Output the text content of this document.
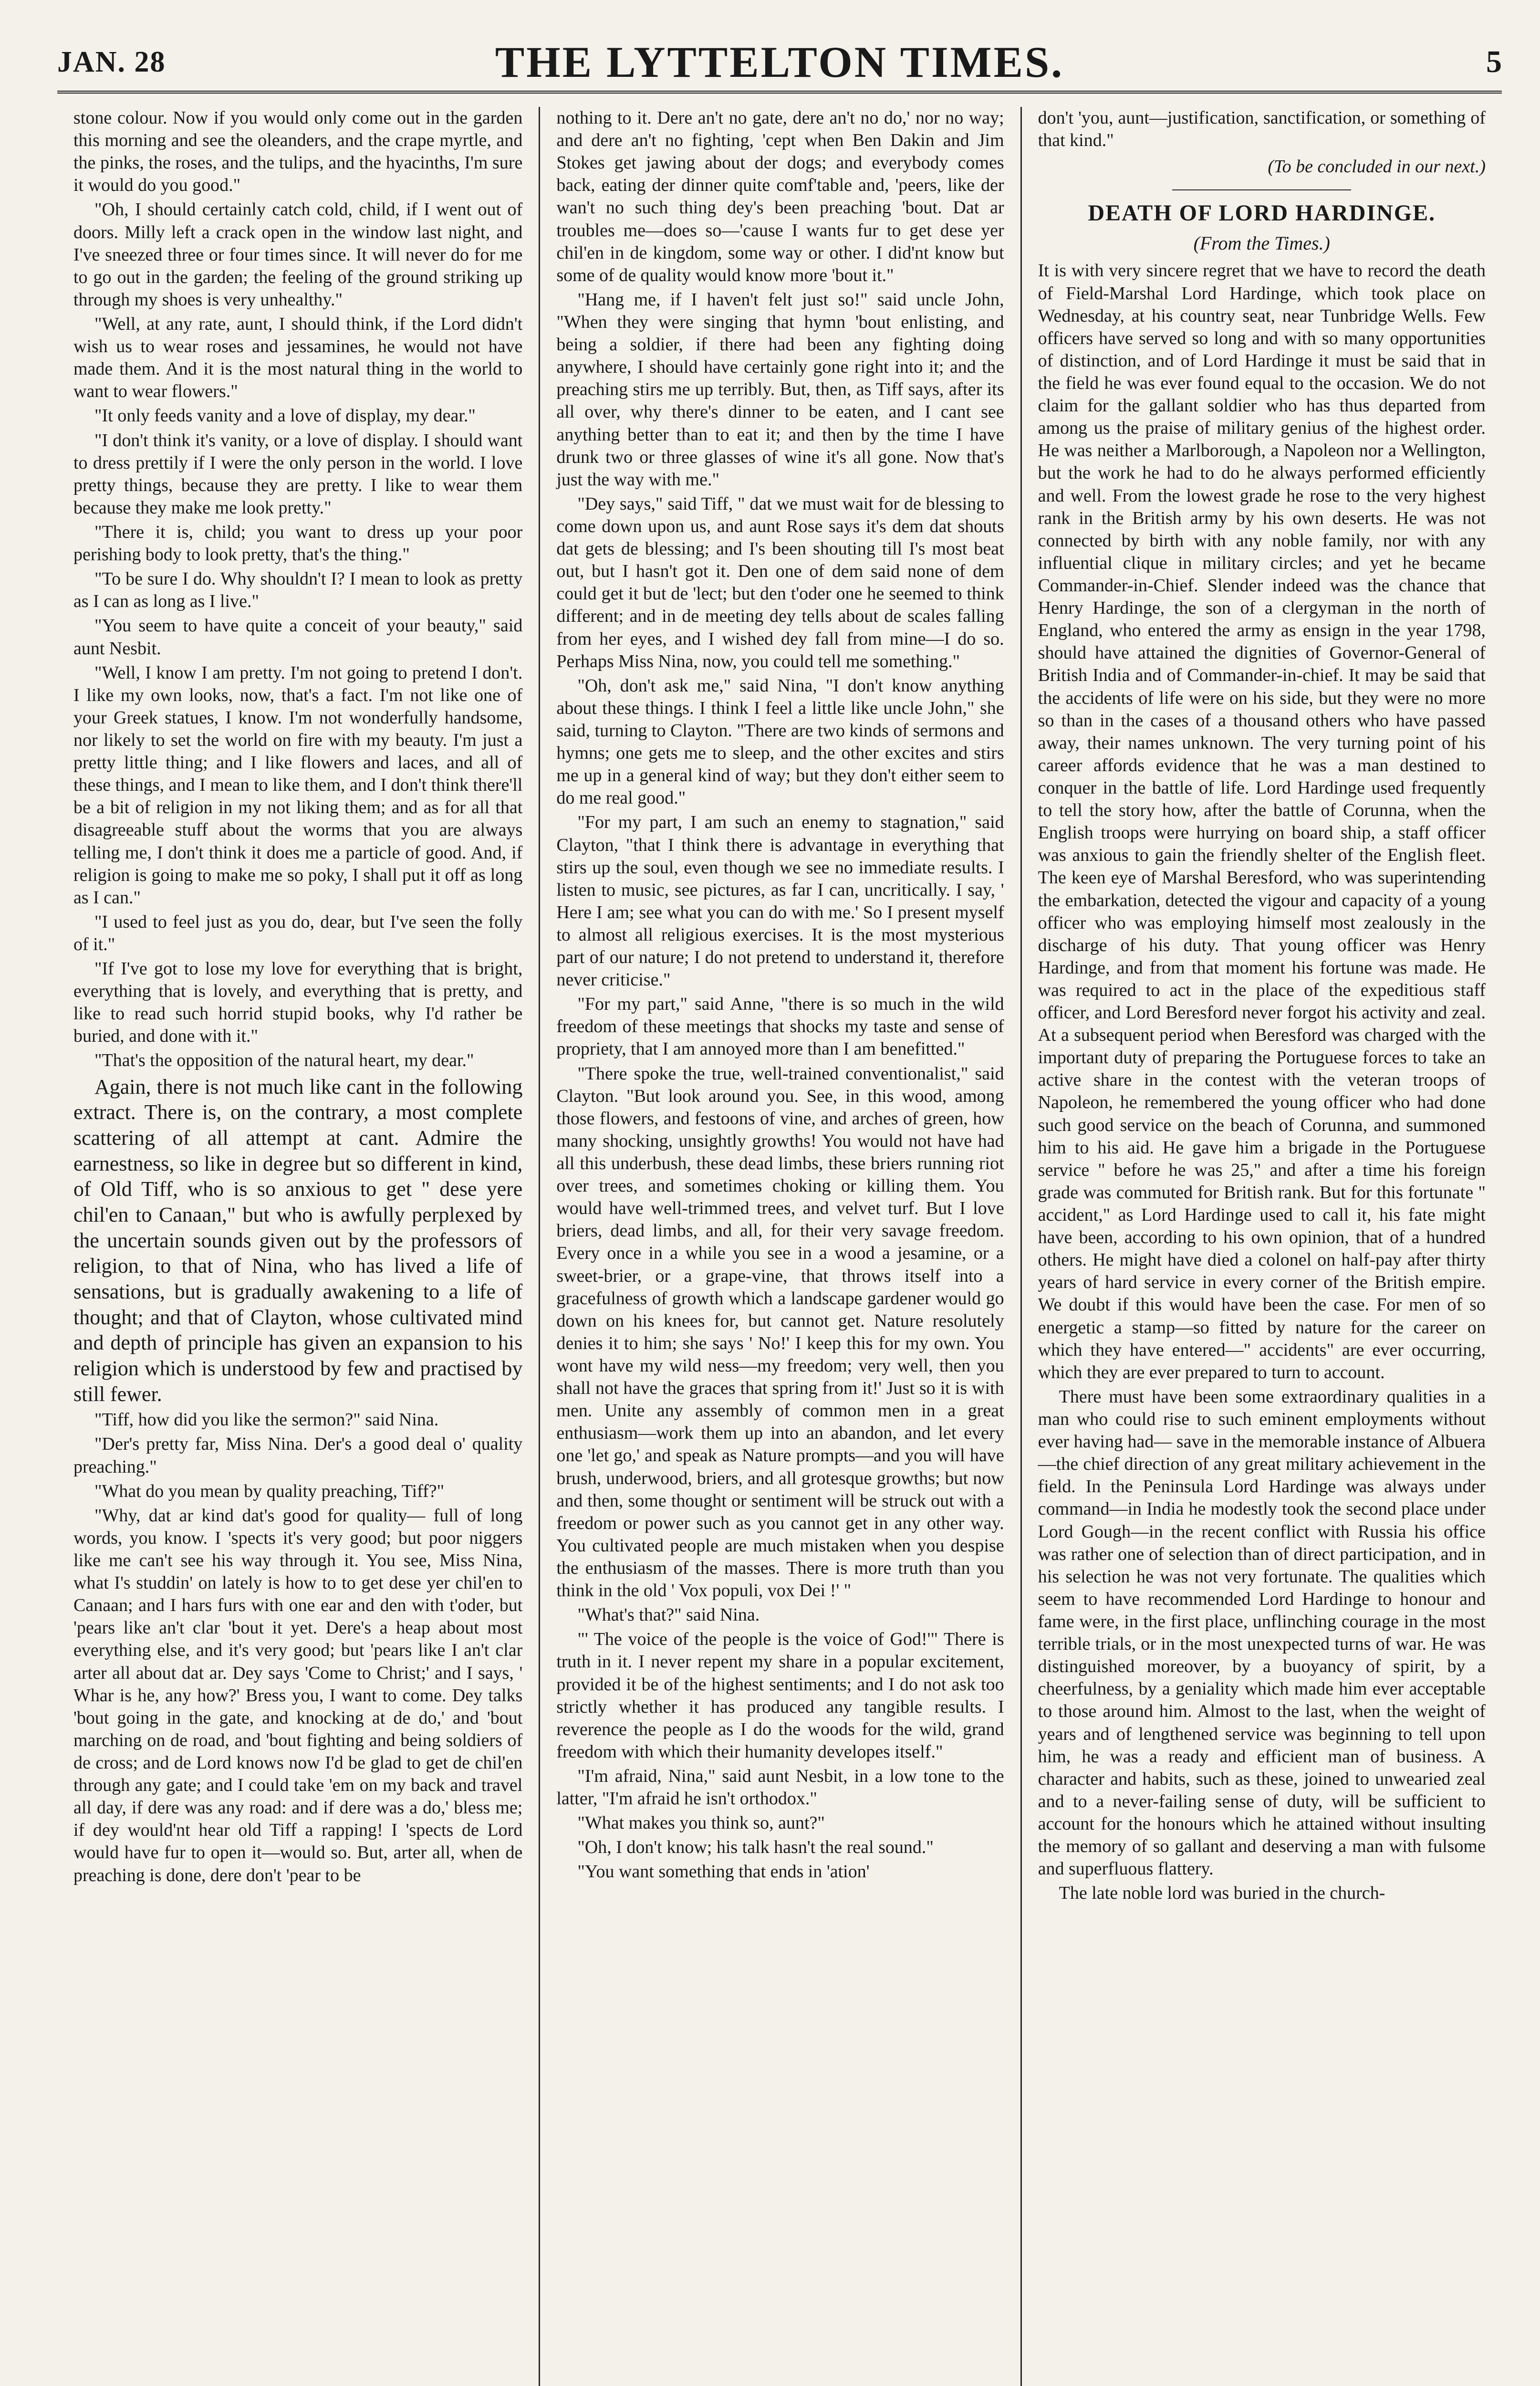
JAN. 28	THE LYTTELTON TIMES.	5

stone colour. Now if you would only come out in the garden this morning and see the oleanders, and the crape myrtle, and the pinks, the roses, and the tulips, and the hyacinths, I'm sure it would do you good."

"Oh, I should certainly catch cold, child, if I went out of doors. Milly left a crack open in the window last night, and I've sneezed three or four times since. It will never do for me to go out in the garden; the feeling of the ground striking up through my shoes is very unhealthy."

"Well, at any rate, aunt, I should think, if the Lord didn't wish us to wear roses and jessamines, he would not have made them. And it is the most natural thing in the world to want to wear flowers."

"It only feeds vanity and a love of display, my dear."

"I don't think it's vanity, or a love of display. I should want to dress prettily if I were the only person in the world. I love pretty things, because they are pretty. I like to wear them because they make me look pretty."

"There it is, child; you want to dress up your poor perishing body to look pretty, that's the thing."

"To be sure I do. Why shouldn't I? I mean to look as pretty as I can as long as I live."

"You seem to have quite a conceit of your beauty," said aunt Nesbit.

"Well, I know I am pretty. I'm not going to pretend I don't. I like my own looks, now, that's a fact. I'm not like one of your Greek statues, I know. I'm not wonderfully handsome, nor likely to set the world on fire with my beauty. I'm just a pretty little thing; and I like flowers and laces, and all of these things, and I mean to like them, and I don't think there'll be a bit of religion in my not liking them; and as for all that disagreeable stuff about the worms that you are always telling me, I don't think it does me a particle of good. And, if religion is going to make me so poky, I shall put it off as long as I can."

"I used to feel just as you do, dear, but I've seen the folly of it."

"If I've got to lose my love for everything that is bright, everything that is lovely, and everything that is pretty, and like to read such horrid stupid books, why I'd rather be buried, and done with it."

"That's the opposition of the natural heart, my dear."

Again, there is not much like cant in the following extract. There is, on the contrary, a most complete scattering of all attempt at cant. Admire the earnestness, so like in degree but so different in kind, of Old Tiff, who is so anxious to get " dese yere chil'en to Canaan," but who is awfully perplexed by the uncertain sounds given out by the professors of religion, to that of Nina, who has lived a life of sensations, but is gradually awakening to a life of thought; and that of Clayton, whose cultivated mind and depth of principle has given an expansion to his religion which is understood by few and practised by still fewer.

"Tiff, how did you like the sermon?" said Nina.

"Der's pretty far, Miss Nina. Der's a good deal o' quality preaching."

"What do you mean by quality preaching, Tiff?"

"Why, dat ar kind dat's good for quality— full of long words, you know. I 'spects it's very good; but poor niggers like me can't see his way through it. You see, Miss Nina, what I's studdin' on lately is how to to get dese yer chil'en to Canaan; and I hars furs with one ear and den with t'oder, but 'pears like an't clar 'bout it yet. Dere's a heap about most everything else, and it's very good; but 'pears like I an't clar arter all about dat ar. Dey says 'Come to Christ;' and I says, ' Whar is he, any how?' Bress you, I want to come. Dey talks 'bout going in the gate, and knocking at de do,' and 'bout marching on de road, and 'bout fighting and being soldiers of de cross; and de Lord knows now I'd be glad to get de chil'en through any gate; and I could take 'em on my back and travel all day, if dere was any road: and if dere was a do,' bless me; if dey would'nt hear old Tiff a rapping! I 'spects de Lord would have fur to open it—would so. But, arter all, when de preaching is done, dere don't 'pear to be

nothing to it. Dere an't no gate, dere an't no do,' nor no way; and dere an't no fighting, 'cept when Ben Dakin and Jim Stokes get jawing about der dogs; and everybody comes back, eating der dinner quite comf'table and, 'peers, like der wan't no such thing dey's been preaching 'bout. Dat ar troubles me—does so—'cause I wants fur to get dese yer chil'en in de kingdom, some way or other. I did'nt know but some of de quality would know more 'bout it."

"Hang me, if I haven't felt just so!" said uncle John, "When they were singing that hymn 'bout enlisting, and being a soldier, if there had been any fighting doing anywhere, I should have certainly gone right into it; and the preaching stirs me up terribly. But, then, as Tiff says, after its all over, why there's dinner to be eaten, and I cant see anything better than to eat it; and then by the time I have drunk two or three glasses of wine it's all gone. Now that's just the way with me."

"Dey says," said Tiff, " dat we must wait for de blessing to come down upon us, and aunt Rose says it's dem dat shouts dat gets de blessing; and I's been shouting till I's most beat out, but I hasn't got it. Den one of dem said none of dem could get it but de 'lect; but den t'oder one he seemed to think different; and in de meeting dey tells about de scales falling from her eyes, and I wished dey fall from mine—I do so. Perhaps Miss Nina, now, you could tell me something."

"Oh, don't ask me," said Nina, "I don't know anything about these things. I think I feel a little like uncle John," she said, turning to Clayton. "There are two kinds of sermons and hymns; one gets me to sleep, and the other excites and stirs me up in a general kind of way; but they don't either seem to do me real good."

"For my part, I am such an enemy to stagnation," said Clayton, "that I think there is advantage in everything that stirs up the soul, even though we see no immediate results. I listen to music, see pictures, as far I can, uncritically. I say, ' Here I am; see what you can do with me.' So I present myself to almost all religious exercises. It is the most mysterious part of our nature; I do not pretend to understand it, therefore never criticise."

"For my part," said Anne, "there is so much in the wild freedom of these meetings that shocks my taste and sense of propriety, that I am annoyed more than I am benefitted."

"There spoke the true, well-trained conventionalist," said Clayton. "But look around you. See, in this wood, among those flowers, and festoons of vine, and arches of green, how many shocking, unsightly growths! You would not have had all this underbush, these dead limbs, these briers running riot over trees, and sometimes choking or killing them. You would have well-trimmed trees, and velvet turf. But I love briers, dead limbs, and all, for their very savage freedom. Every once in a while you see in a wood a jesamine, or a sweet-brier, or a grape-vine, that throws itself into a gracefulness of growth which a landscape gardener would go down on his knees for, but cannot get. Nature resolutely denies it to him; she says ' No!' I keep this for my own. You wont have my wild ness—my freedom; very well, then you shall not have the graces that spring from it!' Just so it is with men. Unite any assembly of common men in a great enthusiasm—work them up into an abandon, and let every one 'let go,' and speak as Nature prompts—and you will have brush, underwood, briers, and all grotesque growths; but now and then, some thought or sentiment will be struck out with a freedom or power such as you cannot get in any other way. You cultivated people are much mistaken when you despise the enthusiasm of the masses. There is more truth than you think in the old ' Vox populi, vox Dei !' "

"What's that?" said Nina.

"' The voice of the people is the voice of God!'" There is truth in it. I never repent my share in a popular excitement, provided it be of the highest sentiments; and I do not ask too strictly whether it has produced any tangible results. I reverence the people as I do the woods for the wild, grand freedom with which their humanity developes itself."

"I'm afraid, Nina," said aunt Nesbit, in a low tone to the latter, "I'm afraid he isn't orthodox."

"What makes you think so, aunt?"

"Oh, I don't know; his talk hasn't the real sound."

"You want something that ends in 'ation'

don't 'you, aunt—justification, sanctification, or something of that kind."

(To be concluded in our next.)

DEATH OF LORD HARDINGE.
(From the Times.)

It is with very sincere regret that we have to record the death of Field-Marshal Lord Hardinge, which took place on Wednesday, at his country seat, near Tunbridge Wells. Few officers have served so long and with so many opportunities of distinction, and of Lord Hardinge it must be said that in the field he was ever found equal to the occasion. We do not claim for the gallant soldier who has thus departed from among us the praise of military genius of the highest order. He was neither a Marlborough, a Napoleon nor a Wellington, but the work he had to do he always performed efficiently and well. From the lowest grade he rose to the very highest rank in the British army by his own deserts. He was not connected by birth with any noble family, nor with any influential clique in military circles; and yet he became Commander-in-Chief. Slender indeed was the chance that Henry Hardinge, the son of a clergyman in the north of England, who entered the army as ensign in the year 1798, should have attained the dignities of Governor-General of British India and of Commander-in-chief. It may be said that the accidents of life were on his side, but they were no more so than in the cases of a thousand others who have passed away, their names unknown. The very turning point of his career affords evidence that he was a man destined to conquer in the battle of life. Lord Hardinge used frequently to tell the story how, after the battle of Corunna, when the English troops were hurrying on board ship, a staff officer was anxious to gain the friendly shelter of the English fleet. The keen eye of Marshal Beresford, who was superintending the embarkation, detected the vigour and capacity of a young officer who was employing himself most zealously in the discharge of his duty. That young officer was Henry Hardinge, and from that moment his fortune was made. He was required to act in the place of the expeditious staff officer, and Lord Beresford never forgot his activity and zeal. At a subsequent period when Beresford was charged with the important duty of preparing the Portuguese forces to take an active share in the contest with the veteran troops of Napoleon, he remembered the young officer who had done such good service on the beach of Corunna, and summoned him to his aid. He gave him a brigade in the Portuguese service " before he was 25," and after a time his foreign grade was commuted for British rank. But for this fortunate " accident," as Lord Hardinge used to call it, his fate might have been, according to his own opinion, that of a hundred others. He might have died a colonel on half-pay after thirty years of hard service in every corner of the British empire. We doubt if this would have been the case. For men of so energetic a stamp—so fitted by nature for the career on which they have entered—" accidents" are ever occurring, which they are ever prepared to turn to account.

There must have been some extraordinary qualities in a man who could rise to such eminent employments without ever having had— save in the memorable instance of Albuera—the chief direction of any great military achievement in the field. In the Peninsula Lord Hardinge was always under command—in India he modestly took the second place under Lord Gough—in the recent conflict with Russia his office was rather one of selection than of direct participation, and in his selection he was not very fortunate. The qualities which seem to have recommended Lord Hardinge to honour and fame were, in the first place, unflinching courage in the most terrible trials, or in the most unexpected turns of war. He was distinguished moreover, by a buoyancy of spirit, by a cheerfulness, by a geniality which made him ever acceptable to those around him. Almost to the last, when the weight of years and of lengthened service was beginning to tell upon him, he was a ready and efficient man of business. A character and habits, such as these, joined to unwearied zeal and to a never-failing sense of duty, will be sufficient to account for the honours which he attained without insulting the memory of so gallant and deserving a man with fulsome and superfluous flattery.

The late noble lord was buried in the church-
